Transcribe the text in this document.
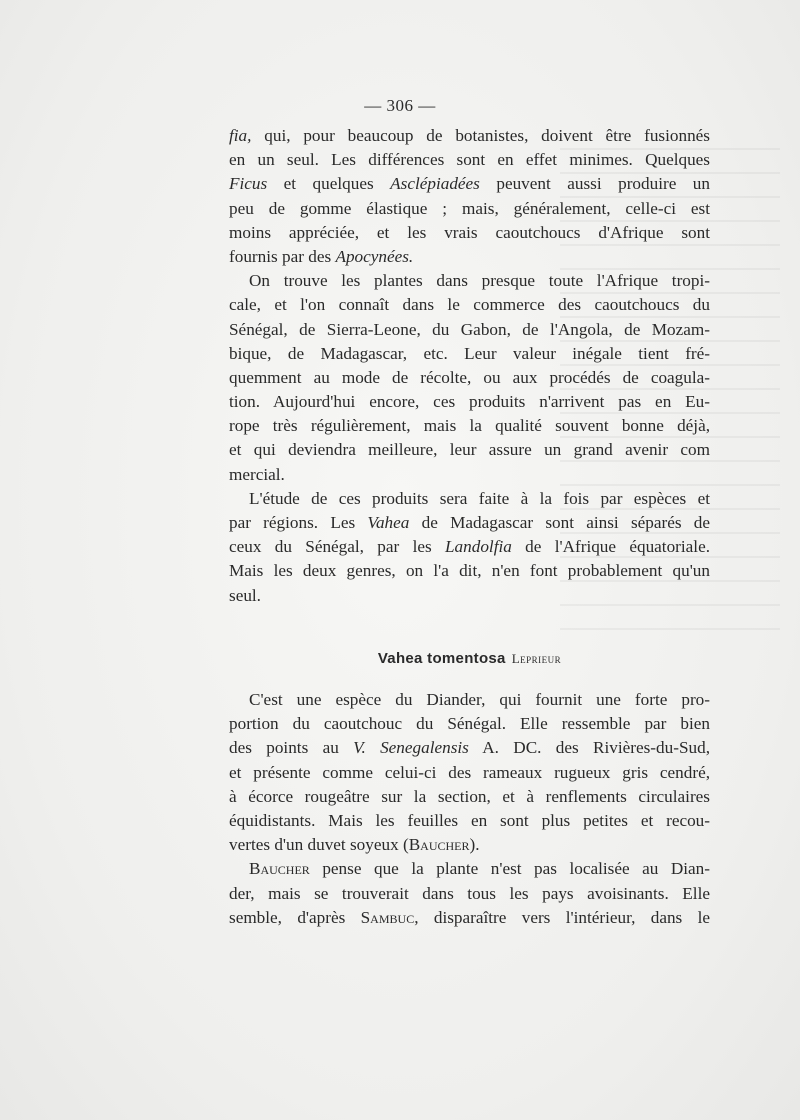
— 306 —
fia, qui, pour beaucoup de botanistes, doivent être fusionnés
en un seul. Les différences sont en effet minimes. Quelques
Ficus et quelques Asclépiadées peuvent aussi produire un
peu de gomme élastique ; mais, généralement, celle-ci est
moins appréciée, et les vrais caoutchoucs d'Afrique sont
fournis par des Apocynées.
On trouve les plantes dans presque toute l'Afrique tropi-
cale, et l'on connaît dans le commerce des caoutchoucs du
Sénégal, de Sierra-Leone, du Gabon, de l'Angola, de Mozam-
bique, de Madagascar, etc. Leur valeur inégale tient fré-
quemment au mode de récolte, ou aux procédés de coagula-
tion. Aujourd'hui encore, ces produits n'arrivent pas en Eu-
rope très régulièrement, mais la qualité souvent bonne déjà,
et qui deviendra meilleure, leur assure un grand avenir com
mercial.
L'étude de ces produits sera faite à la fois par espèces et
par régions. Les Vahea de Madagascar sont ainsi séparés de
ceux du Sénégal, par les Landolfia de l'Afrique équatoriale.
Mais les deux genres, on l'a dit, n'en font probablement qu'un
seul.
Vahea tomentosa Leprieur
C'est une espèce du Diander, qui fournit une forte pro-
portion du caoutchouc du Sénégal. Elle ressemble par bien
des points au V. Senegalensis A. DC. des Rivières-du-Sud,
et présente comme celui-ci des rameaux rugueux gris cendré,
à écorce rougeâtre sur la section, et à renflements circulaires
équidistants. Mais les feuilles en sont plus petites et recou-
vertes d'un duvet soyeux (Baucher).
Baucher pense que la plante n'est pas localisée au Dian-
der, mais se trouverait dans tous les pays avoisinants. Elle
semble, d'après Sambuc, disparaître vers l'intérieur, dans le
